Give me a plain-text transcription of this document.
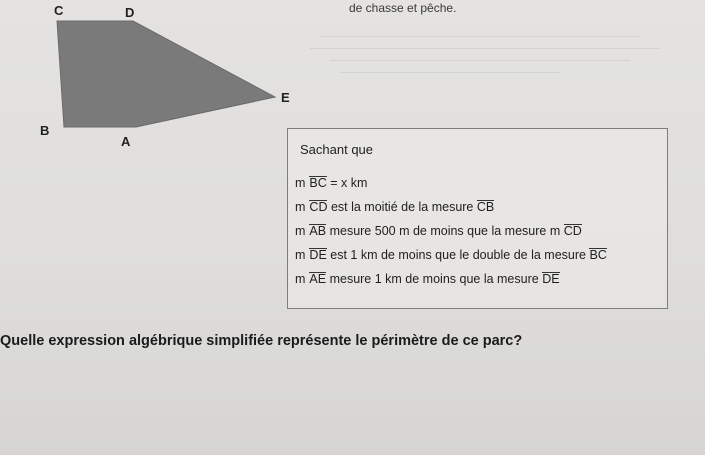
de chasse et pêche.
C	D
E
B
A
Sachant que
m BC = x km
m CD est la moitié de la mesure CB
m AB mesure 500 m de moins que la mesure m CD
m DE est 1 km de moins que le double de la mesure BC
m AE mesure 1 km de moins que la mesure DE
Quelle expression algébrique simplifiée représente le périmètre de ce parc?
